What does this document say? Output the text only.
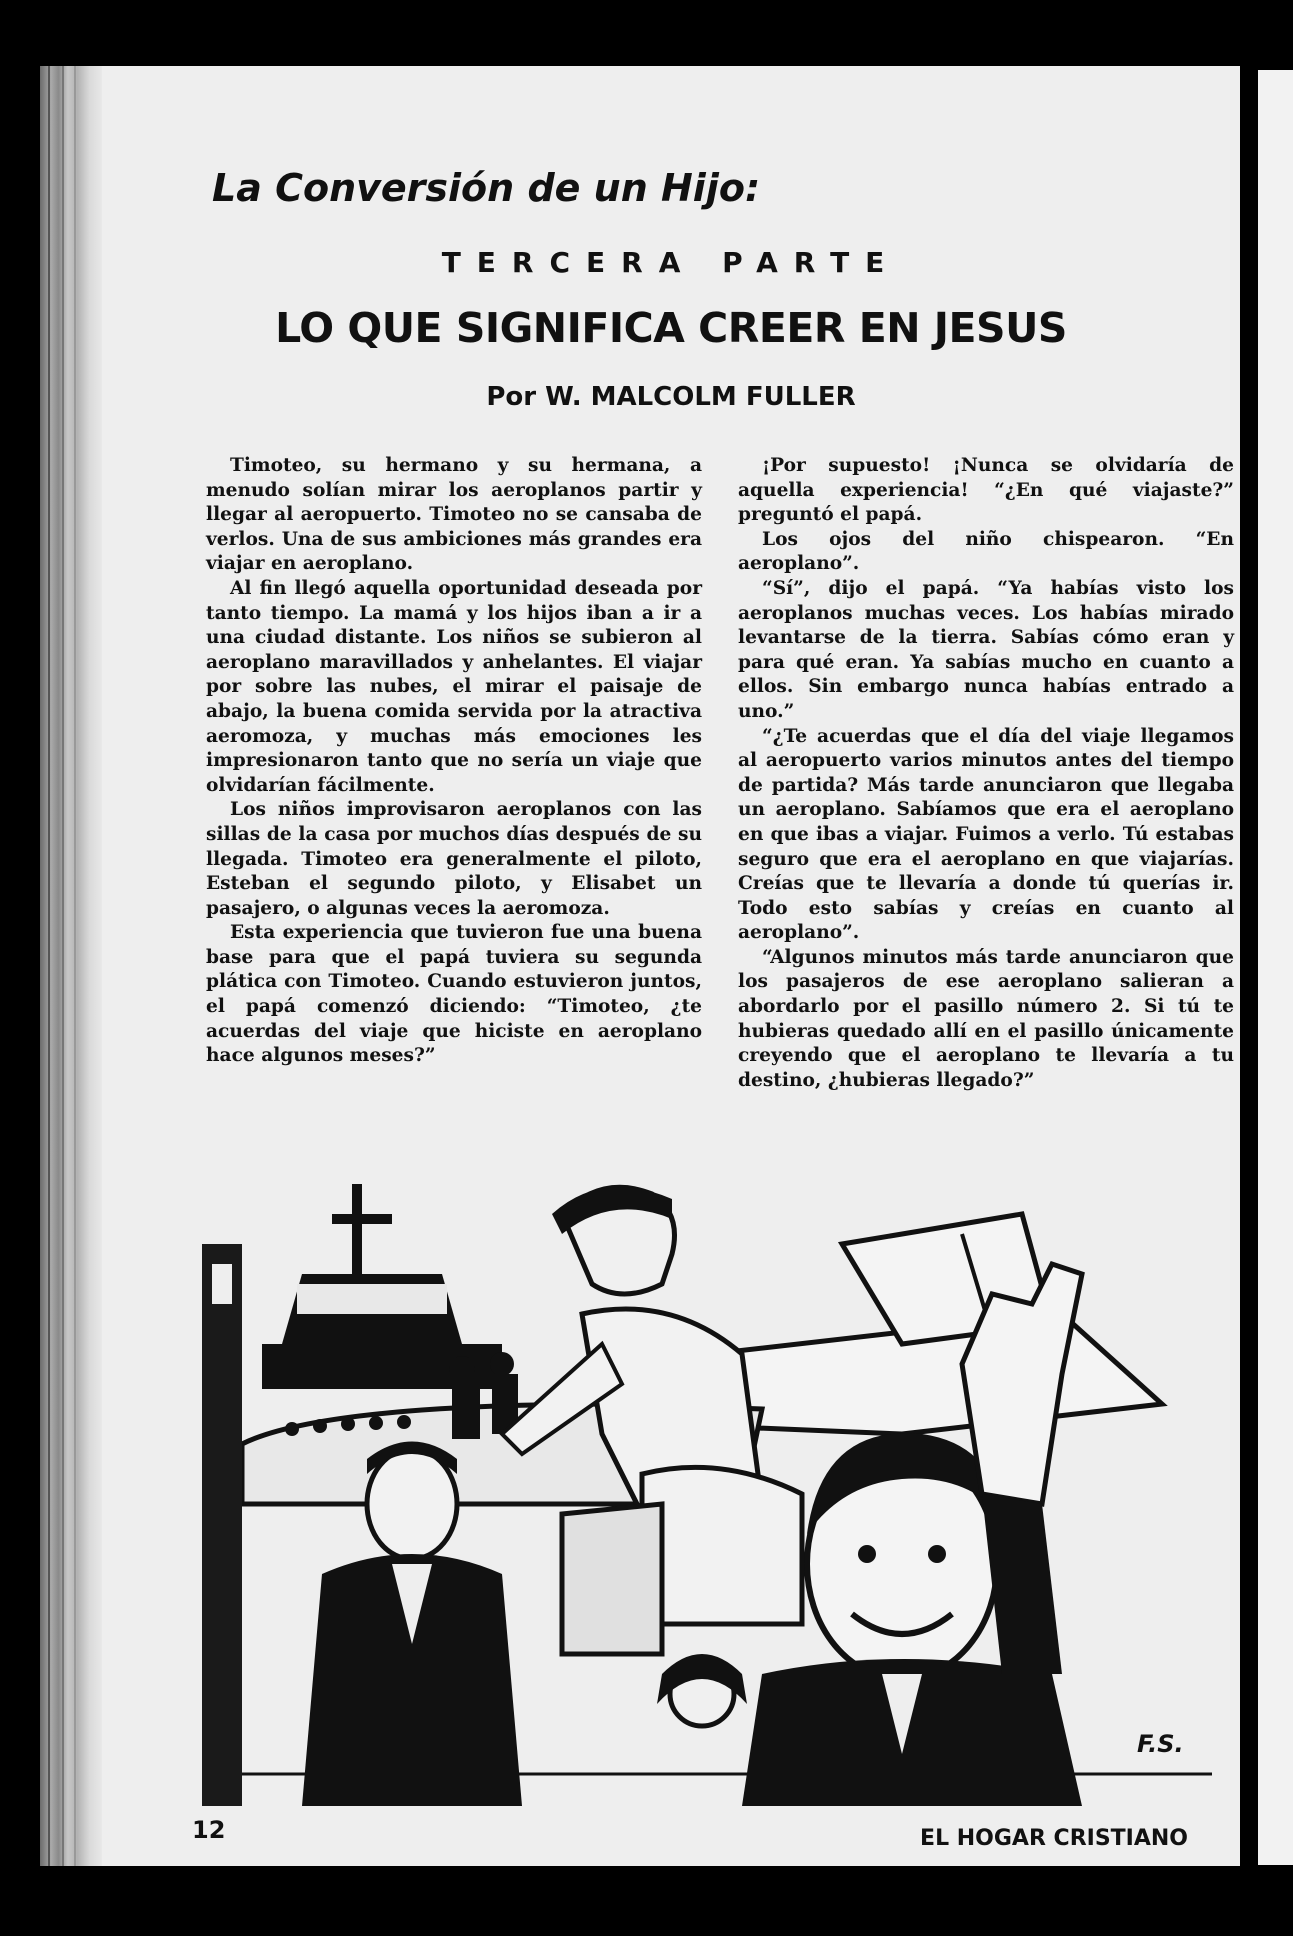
La Conversión de un Hijo:

TERCERA PARTE

LO QUE SIGNIFICA CREER EN JESUS

Por W. MALCOLM FULLER

Timoteo, su hermano y su hermana, a menudo solían mirar los aeroplanos partir y llegar al aeropuerto. Timoteo no se cansaba de verlos. Una de sus ambiciones más grandes era viajar en aeroplano.

Al fin llegó aquella oportunidad deseada por tanto tiempo. La mamá y los hijos iban a ir a una ciudad distante. Los niños se subieron al aeroplano maravillados y anhelantes. El viajar por sobre las nubes, el mirar el paisaje de abajo, la buena comida servida por la atractiva aeromoza, y muchas más emociones les impresionaron tanto que no sería un viaje que olvidarían fácilmente.

Los niños improvisaron aeroplanos con las sillas de la casa por muchos días después de su llegada. Timoteo era generalmente el piloto, Esteban el segundo piloto, y Elisabet un pasajero, o algunas veces la aeromoza.

Esta experiencia que tuvieron fue una buena base para que el papá tuviera su segunda plática con Timoteo. Cuando estuvieron juntos, el papá comenzó diciendo: “Timoteo, ¿te acuerdas del viaje que hiciste en aeroplano hace algunos meses?”

¡Por supuesto! ¡Nunca se olvidaría de aquella experiencia! “¿En qué viajaste?” preguntó el papá.

Los ojos del niño chispearon. “En aeroplano”.

“Sí”, dijo el papá. “Ya habías visto los aeroplanos muchas veces. Los habías mirado levantarse de la tierra. Sabías cómo eran y para qué eran. Ya sabías mucho en cuanto a ellos. Sin embargo nunca habías entrado a uno.”

“¿Te acuerdas que el día del viaje llegamos al aeropuerto varios minutos antes del tiempo de partida? Más tarde anunciaron que llegaba un aeroplano. Sabíamos que era el aeroplano en que ibas a viajar. Fuimos a verlo. Tú estabas seguro que era el aeroplano en que viajarías. Creías que te llevaría a donde tú querías ir. Todo esto sabías y creías en cuanto al aeroplano”.

“Algunos minutos más tarde anunciaron que los pasajeros de ese aeroplano salieran a abordarlo por el pasillo número 2. Si tú te hubieras quedado allí en el pasillo únicamente creyendo que el aeroplano te llevaría a tu destino, ¿hubieras llegado?”

F.S.

12	EL HOGAR CRISTIANO
